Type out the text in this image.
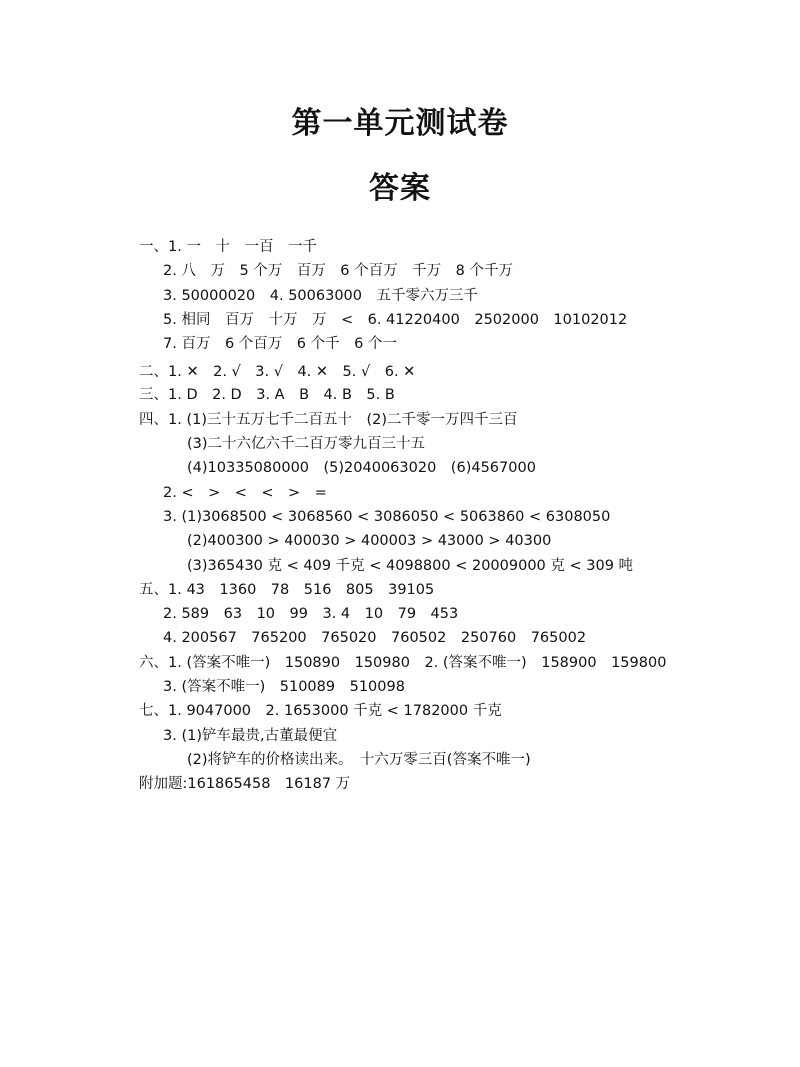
第一单元测试卷
答案
一、1. 一　十　一百　一千
2. 八　万　5 个万　百万　6 个百万　千万　8 个千万
3. 50000020　4. 50063000　五千零六万三千
5. 相同　百万　十万　万　<　6. 41220400　2502000　10102012
7. 百万　6 个百万　6 个千　6 个一
二、1. ✕　2. √　3. √　4. ✕　5. √　6. ✕
三、1. D　2. D　3. A　B　4. B　5. B
四、1. (1)三十五万七千二百五十　(2)二千零一万四千三百
(3)二十六亿六千二百万零九百三十五
(4)10335080000　(5)2040063020　(6)4567000
2. <　>　<　<　>　=
3. (1)3068500 < 3068560 < 3086050 < 5063860 < 6308050
(2)400300 > 400030 > 400003 > 43000 > 40300
(3)365430 克 < 409 千克 < 4098800 < 20009000 克 < 309 吨
五、1. 43　1360　78　516　805　39105
2. 589　63　10　99　3. 4　10　79　453
4. 200567　765200　765020　760502　250760　765002
六、1. (答案不唯一)　150890　150980　2. (答案不唯一)　158900　159800
3. (答案不唯一)　510089　510098
七、1. 9047000　2. 1653000 千克 < 1782000 千克
3. (1)铲车最贵,古董最便宜
(2)将铲车的价格读出来。　十六万零三百(答案不唯一)
附加题:161865458　16187 万
